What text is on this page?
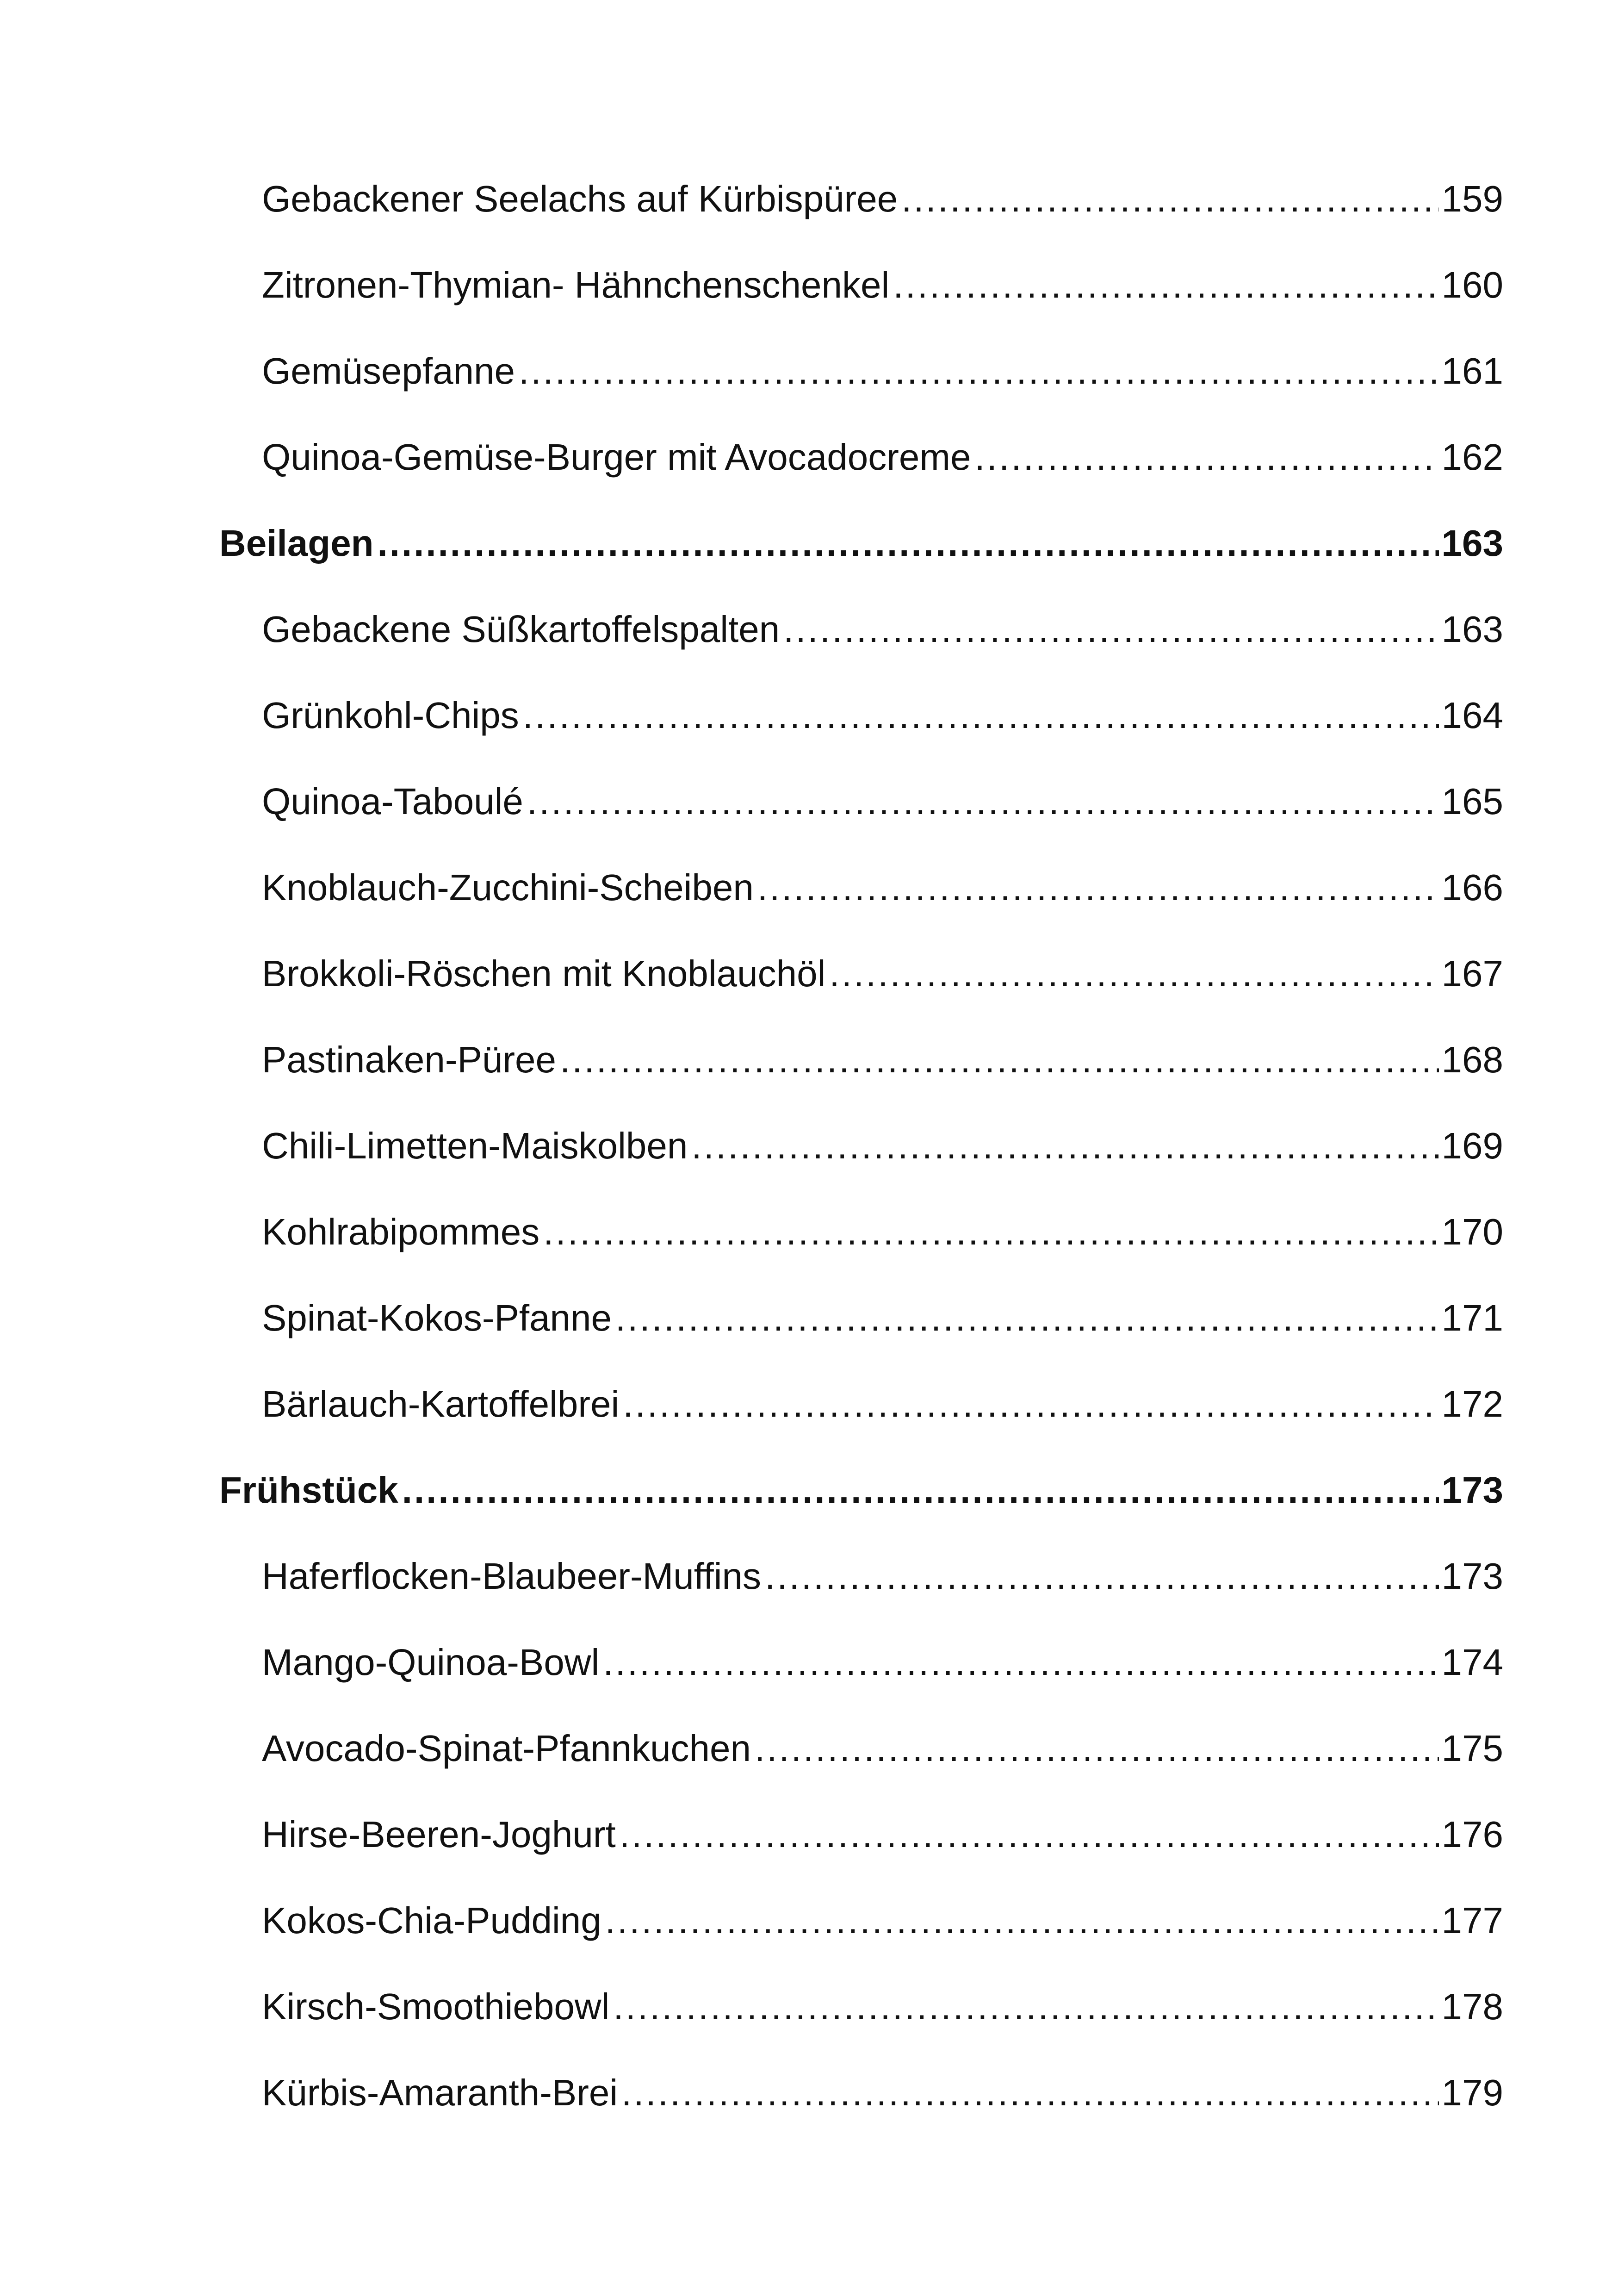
Gebackener Seelachs auf Kürbispüree .....	159
Zitronen-Thymian- Hähnchenschenkel .....	160
Gemüsepfanne .....	161
Quinoa-Gemüse-Burger mit Avocadocreme .....	162
Beilagen .....	163
Gebackene Süßkartoffelspalten .....	163
Grünkohl-Chips .....	164
Quinoa-Taboulé .....	165
Knoblauch-Zucchini-Scheiben .....	166
Brokkoli-Röschen mit Knoblauchöl .....	167
Pastinaken-Püree .....	168
Chili-Limetten-Maiskolben .....	169
Kohlrabipommes .....	170
Spinat-Kokos-Pfanne .....	171
Bärlauch-Kartoffelbrei .....	172
Frühstück .....	173
Haferflocken-Blaubeer-Muffins .....	173
Mango-Quinoa-Bowl .....	174
Avocado-Spinat-Pfannkuchen .....	175
Hirse-Beeren-Joghurt .....	176
Kokos-Chia-Pudding .....	177
Kirsch-Smoothiebowl .....	178
Kürbis-Amaranth-Brei .....	179
